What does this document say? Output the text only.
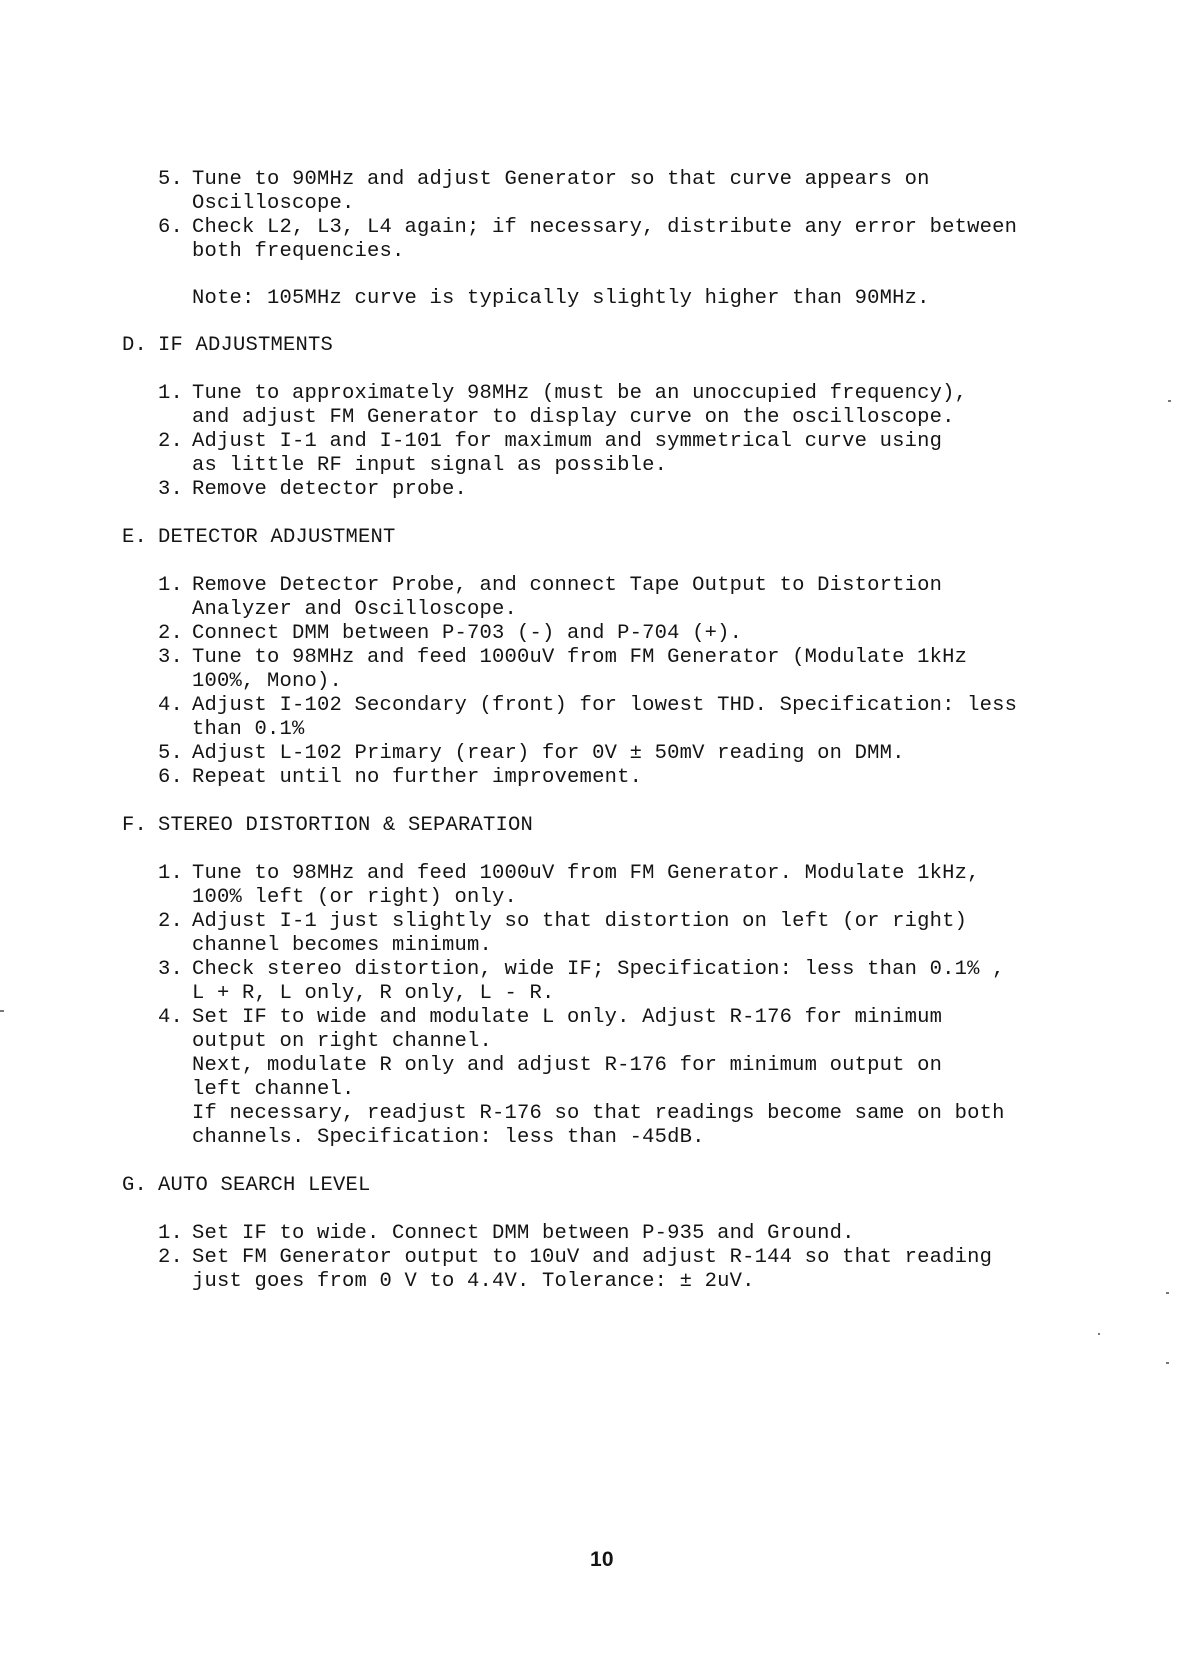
5. Tune to 90MHz and adjust Generator so that curve appears on
Oscilloscope.
6. Check L2, L3, L4 again; if necessary, distribute any error between
both frequencies.
Note: 105MHz curve is typically slightly higher than 90MHz.
D. IF ADJUSTMENTS
1. Tune to approximately 98MHz (must be an unoccupied frequency),
and adjust FM Generator to display curve on the oscilloscope.
2. Adjust I-1 and I-101 for maximum and symmetrical curve using
as little RF input signal as possible.
3. Remove detector probe.
E. DETECTOR ADJUSTMENT
1. Remove Detector Probe, and connect Tape Output to Distortion
Analyzer and Oscilloscope.
2. Connect DMM between P-703 (-) and P-704 (+).
3. Tune to 98MHz and feed 1000uV from FM Generator (Modulate 1kHz
100%, Mono).
4. Adjust I-102 Secondary (front) for lowest THD. Specification: less
than 0.1%
5. Adjust L-102 Primary (rear) for 0V ± 50mV reading on DMM.
6. Repeat until no further improvement.
F. STEREO DISTORTION & SEPARATION
1. Tune to 98MHz and feed 1000uV from FM Generator. Modulate 1kHz,
100% left (or right) only.
2. Adjust I-1 just slightly so that distortion on left (or right)
channel becomes minimum.
3. Check stereo distortion, wide IF; Specification: less than 0.1% ,
L + R, L only, R only, L - R.
4. Set IF to wide and modulate L only. Adjust R-176 for minimum
output on right channel.
Next, modulate R only and adjust R-176 for minimum output on
left channel.
If necessary, readjust R-176 so that readings become same on both
channels. Specification: less than -45dB.
G. AUTO SEARCH LEVEL
1. Set IF to wide. Connect DMM between P-935 and Ground.
2. Set FM Generator output to 10uV and adjust R-144 so that reading
just goes from 0 V to 4.4V. Tolerance: ± 2uV.
10
